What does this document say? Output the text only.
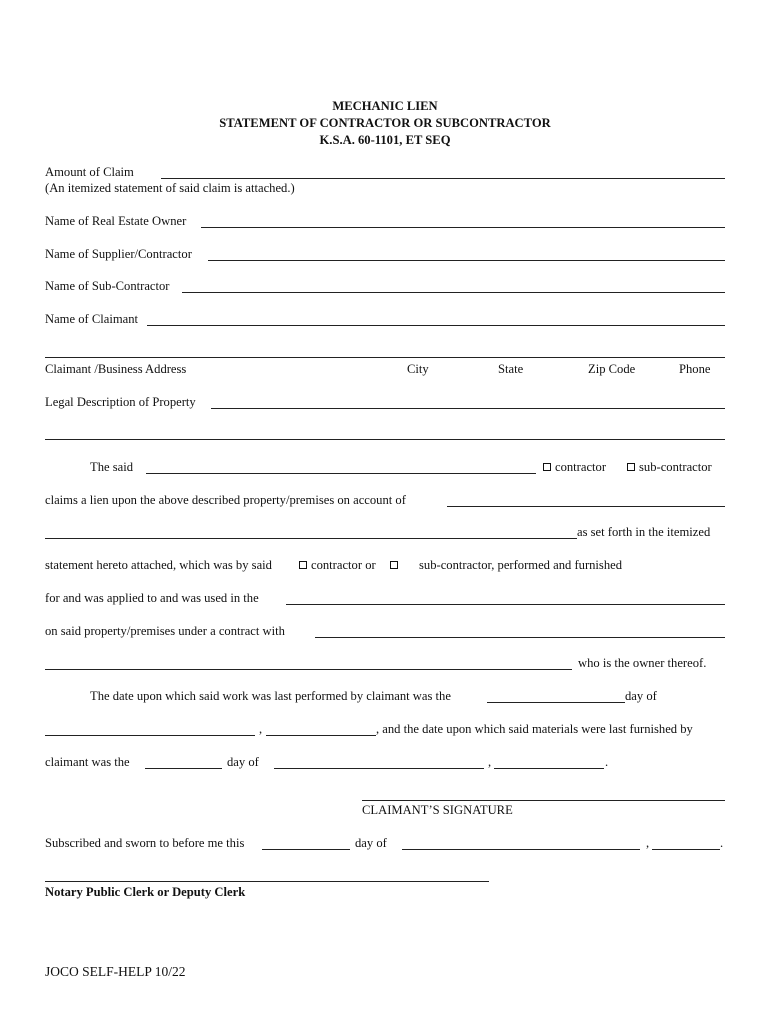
MECHANIC LIEN
STATEMENT OF CONTRACTOR OR SUBCONTRACTOR
K.S.A. 60-1101, ET SEQ
Amount of Claim
(An itemized statement of said claim is attached.)
Name of Real Estate Owner
Name of Supplier/Contractor
Name of Sub-Contractor
Name of Claimant
Claimant /Business Address	City	State	Zip Code	Phone
Legal Description of Property
The said	contractor	sub-contractor
claims a lien upon the above described property/premises on account of
as set forth in the itemized
statement hereto attached, which was by said	contractor or	sub-contractor, performed and furnished
for and was applied to and was used in the
on said property/premises under a contract with
who is the owner thereof.
The date upon which said work was last performed by claimant was the	day of
,	, and the date upon which said materials were last furnished by
claimant was the	day of	,	.
CLAIMANT’S SIGNATURE
Subscribed and sworn to before me this	day of	,	.
Notary Public Clerk or Deputy Clerk
JOCO SELF-HELP 10/22
